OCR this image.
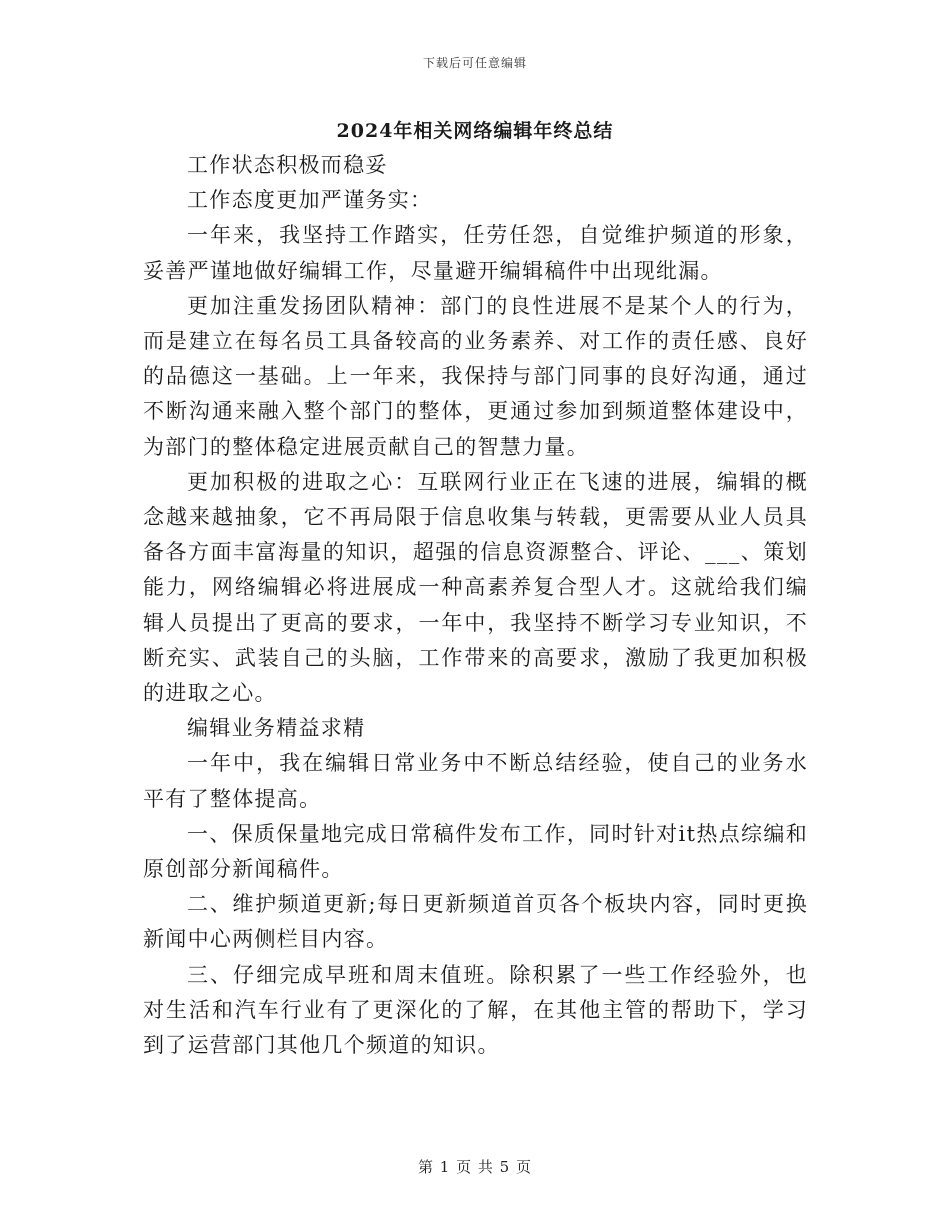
下载后可任意编辑
2024年相关网络编辑年终总结

工作状态积极而稳妥

工作态度更加严谨务实：

一年来，我坚持工作踏实，任劳任怨，自觉维护频道的形象，妥善严谨地做好编辑工作，尽量避开编辑稿件中出现纰漏。

更加注重发扬团队精神：部门的良性进展不是某个人的行为，而是建立在每名员工具备较高的业务素养、对工作的责任感、良好的品德这一基础。上一年来，我保持与部门同事的良好沟通，通过不断沟通来融入整个部门的整体，更通过参加到频道整体建设中，为部门的整体稳定进展贡献自己的智慧力量。

更加积极的进取之心：互联网行业正在飞速的进展，编辑的概念越来越抽象，它不再局限于信息收集与转载，更需要从业人员具备各方面丰富海量的知识，超强的信息资源整合、评论、___、策划能力，网络编辑必将进展成一种高素养复合型人才。这就给我们编辑人员提出了更高的要求，一年中，我坚持不断学习专业知识，不断充实、武装自己的头脑，工作带来的高要求，激励了我更加积极的进取之心。

编辑业务精益求精

一年中，我在编辑日常业务中不断总结经验，使自己的业务水平有了整体提高。

一、保质保量地完成日常稿件发布工作，同时针对it热点综编和原创部分新闻稿件。

二、维护频道更新;每日更新频道首页各个板块内容，同时更换新闻中心两侧栏目内容。

三、仔细完成早班和周末值班。除积累了一些工作经验外，也对生活和汽车行业有了更深化的了解，在其他主管的帮助下，学习到了运营部门其他几个频道的知识。

第 1 页 共 5 页
